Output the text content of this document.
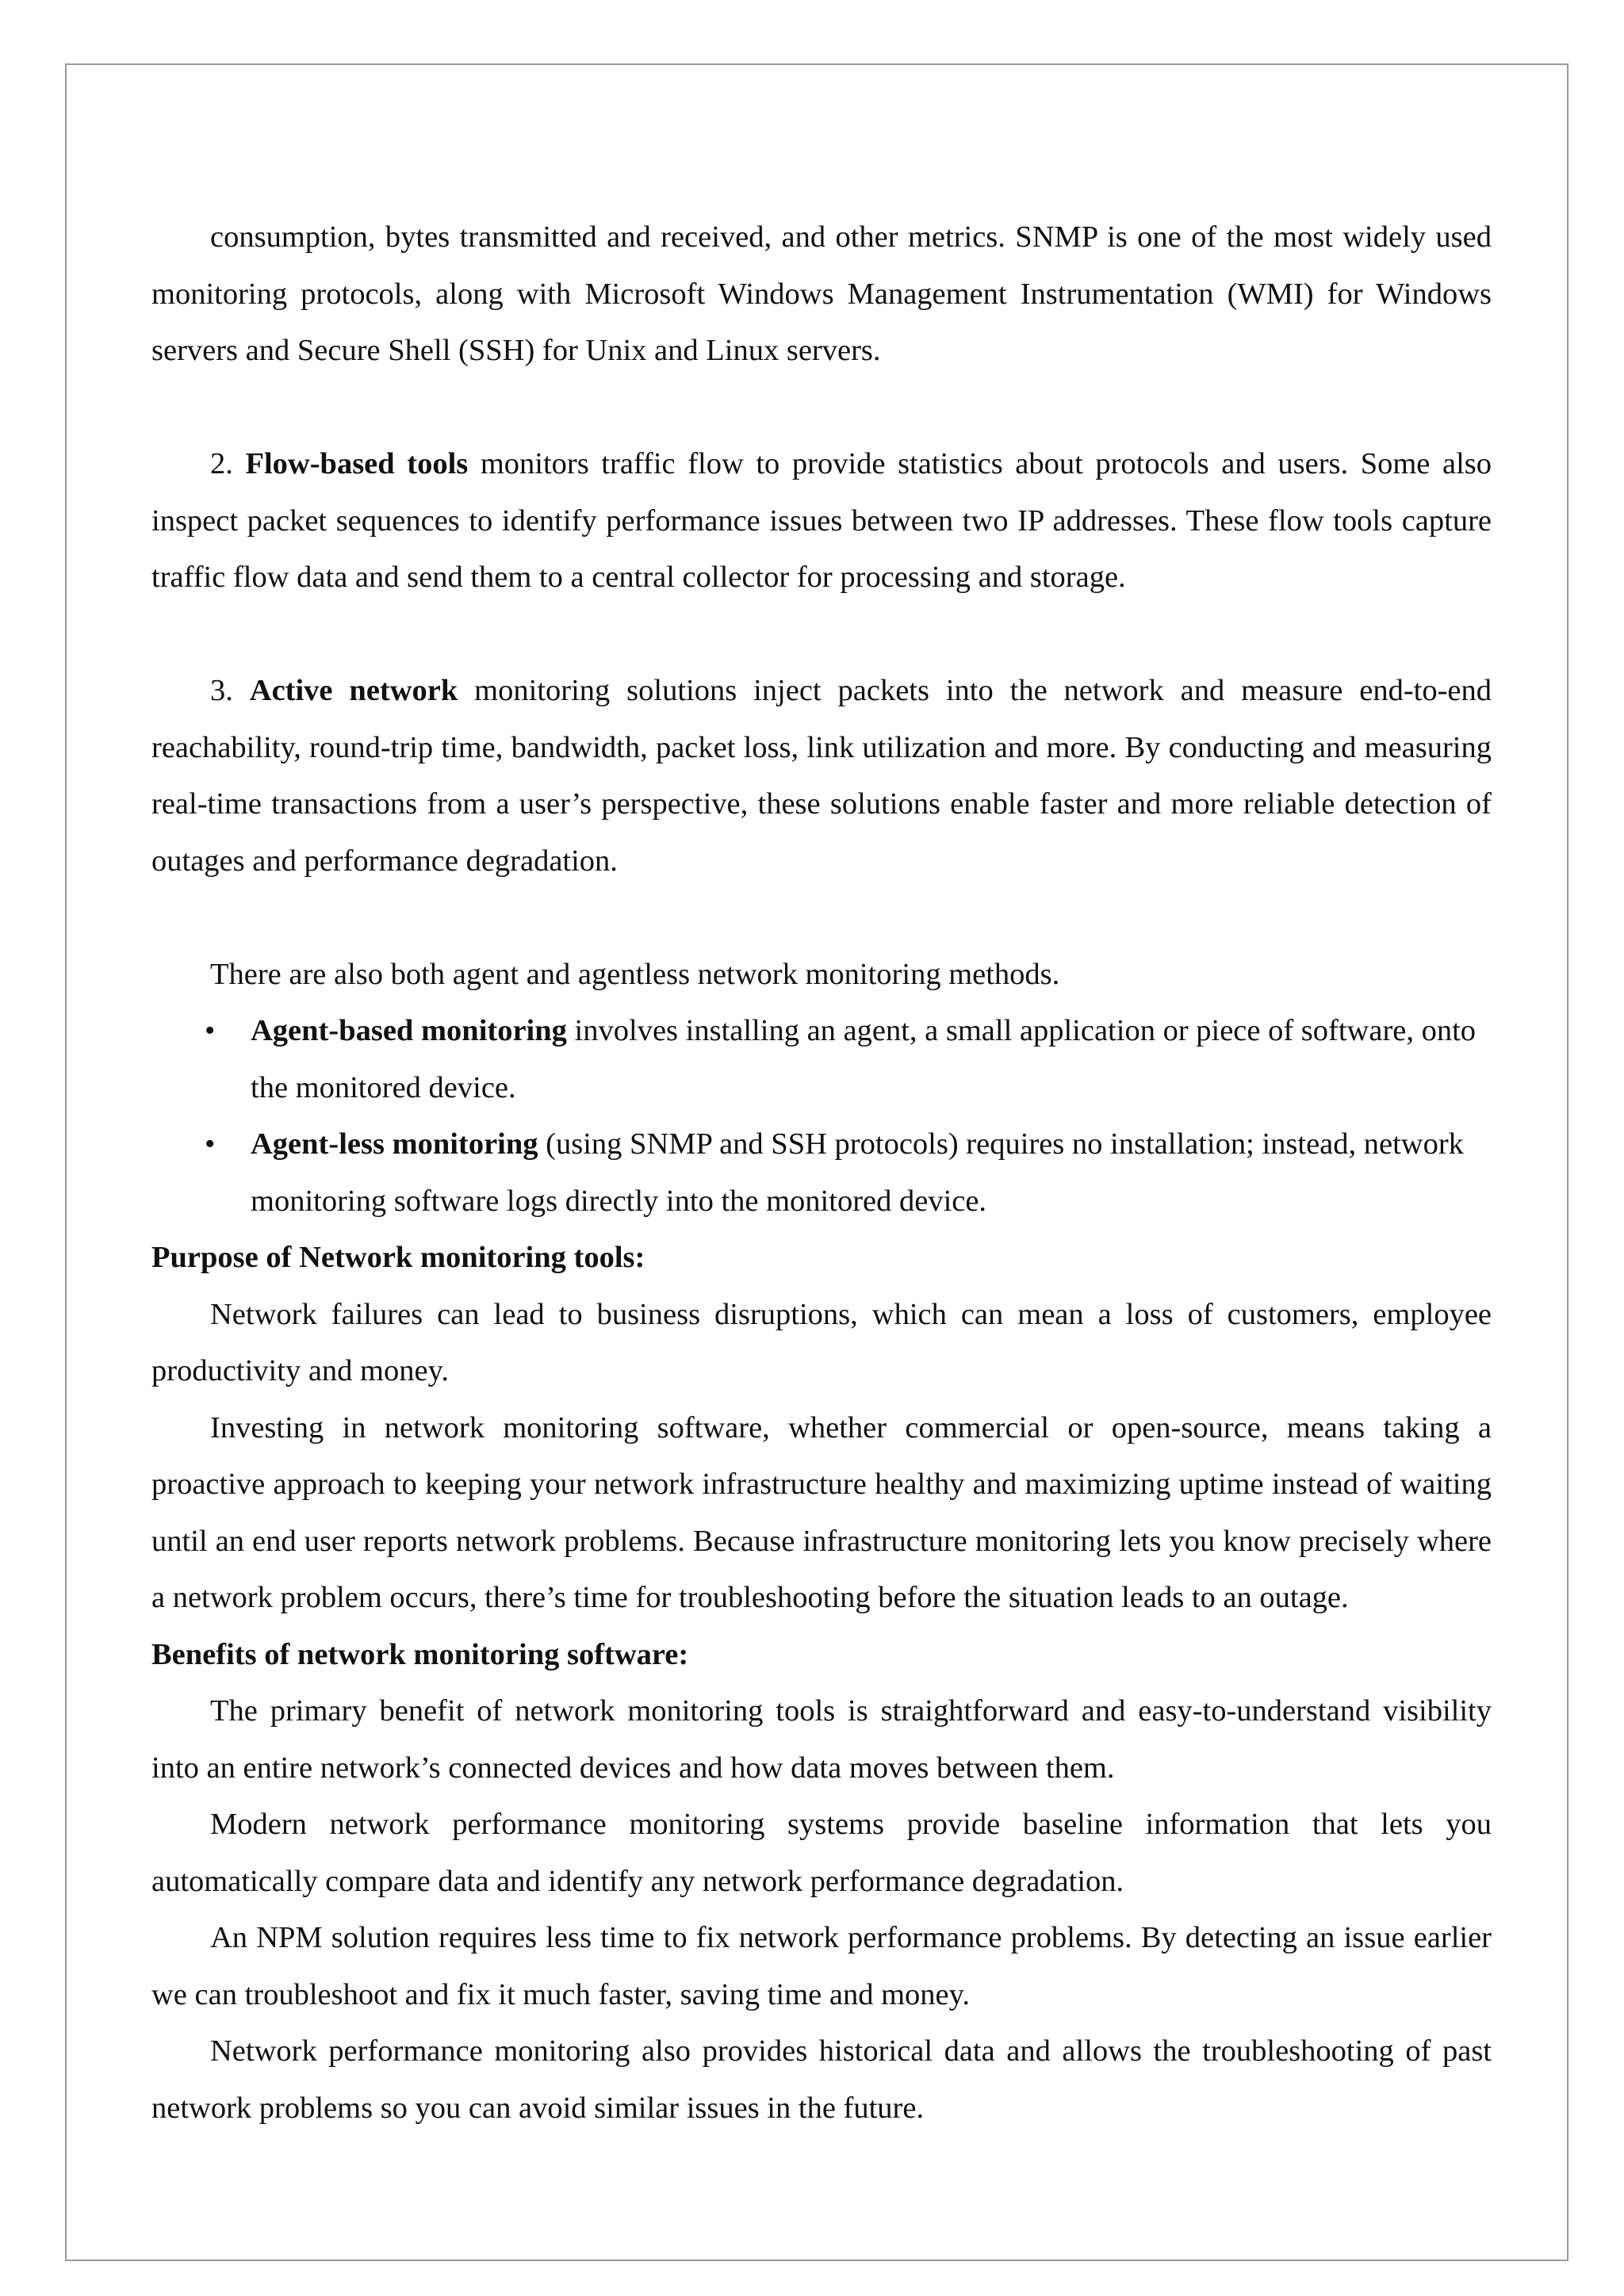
consumption, bytes transmitted and received, and other metrics. SNMP is one of the most widely used monitoring protocols, along with Microsoft Windows Management Instrumentation (WMI) for Windows servers and Secure Shell (SSH) for Unix and Linux servers.

2. Flow-based tools monitors traffic flow to provide statistics about protocols and users. Some also inspect packet sequences to identify performance issues between two IP addresses. These flow tools capture traffic flow data and send them to a central collector for processing and storage.

3. Active network monitoring solutions inject packets into the network and measure end-to-end reachability, round-trip time, bandwidth, packet loss, link utilization and more. By conducting and measuring real-time transactions from a user’s perspective, these solutions enable faster and more reliable detection of outages and performance degradation.

There are also both agent and agentless network monitoring methods.

• Agent-based monitoring involves installing an agent, a small application or piece of software, onto the monitored device.
• Agent-less monitoring (using SNMP and SSH protocols) requires no installation; instead, network monitoring software logs directly into the monitored device.

Purpose of Network monitoring tools:

Network failures can lead to business disruptions, which can mean a loss of customers, employee productivity and money.

Investing in network monitoring software, whether commercial or open-source, means taking a proactive approach to keeping your network infrastructure healthy and maximizing uptime instead of waiting until an end user reports network problems. Because infrastructure monitoring lets you know precisely where a network problem occurs, there’s time for troubleshooting before the situation leads to an outage.

Benefits of network monitoring software:

The primary benefit of network monitoring tools is straightforward and easy-to-understand visibility into an entire network’s connected devices and how data moves between them.

Modern network performance monitoring systems provide baseline information that lets you automatically compare data and identify any network performance degradation.

An NPM solution requires less time to fix network performance problems. By detecting an issue earlier we can troubleshoot and fix it much faster, saving time and money.

Network performance monitoring also provides historical data and allows the troubleshooting of past network problems so you can avoid similar issues in the future.
